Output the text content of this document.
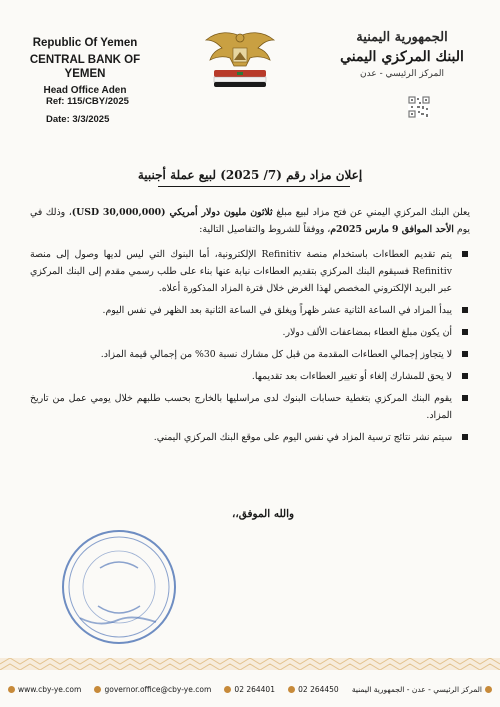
Republic Of Yemen
CENTRAL BANK OF YEMEN
Head Office Aden
Ref: 115/CBY/2025
Date: 3/3/2025
الجمهورية اليمنية
البنك المركزي اليمني
المركز الرئيسي - عدن
إعلان مزاد رقم (7/ 2025) لبيع عملة أجنبية

يعلن البنك المركزي اليمني عن فتح مزاد لبيع مبلغ ثلاثون مليون دولار أمريكي (30,000,000 USD)، وذلك في يوم الأحد الموافق 9 مارس 2025م، ووفقاً للشروط والتفاصيل التالية:

يتم تقديم العطاءات باستخدام منصة Refinitiv الإلكترونية، أما البنوك التي ليس لديها وصول إلى منصة Refinitiv فسيقوم البنك المركزي بتقديم العطاءات نيابة عنها بناء على طلب رسمي مقدم إلى البنك المركزي عبر البريد الإلكتروني المخصص لهذا الغرض خلال فترة المزاد المذكورة أعلاه.
يبدأ المزاد في الساعة الثانية عشر ظهراً ويغلق في الساعة الثانية بعد الظهر في نفس اليوم.
أن يكون مبلغ العطاء بمضاعفات الألف دولار.
لا يتجاوز إجمالي العطاءات المقدمة من قبل كل مشارك نسبة 30% من إجمالي قيمة المزاد.
لا يحق للمشارك إلغاء أو تغيير العطاءات بعد تقديمها.
يقوم البنك المركزي بتغطية حسابات البنوك لدى مراسليها بالخارج بحسب طلبهم خلال يومي عمل من تاريخ المزاد.
سيتم نشر نتائج ترسية المزاد في نفس اليوم على موقع البنك المركزي اليمني.
والله الموفق،،
www.cby-ye.com	governor.office@cby-ye.com	02 264401	02 264450 المركز الرئيسي - عدن - الجمهورية اليمنية
